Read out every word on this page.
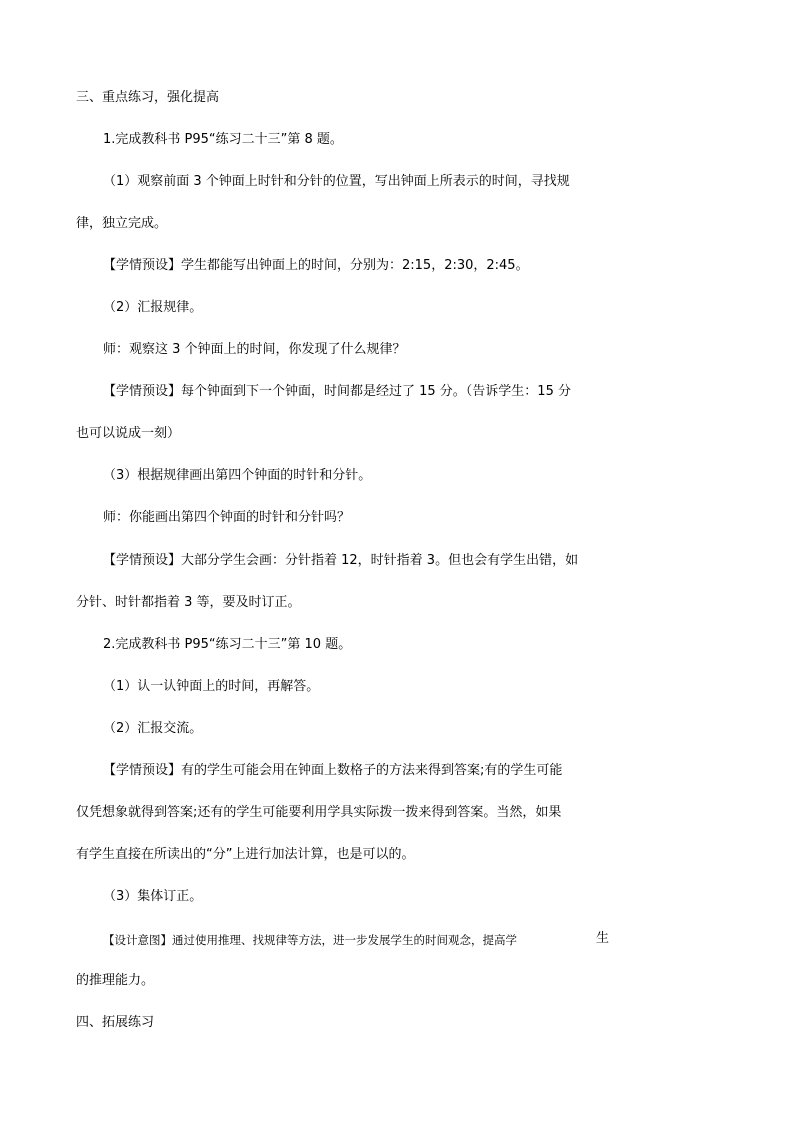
三、重点练习，强化提高
1.完成教科书 P95“练习二十三”第 8 题。
（1）观察前面 3 个钟面上时针和分针的位置，写出钟面上所表示的时间，寻找规
律，独立完成。
【学情预设】学生都能写出钟面上的时间，分别为：2:15，2:30，2:45。
（2）汇报规律。
师：观察这 3 个钟面上的时间，你发现了什么规律？
【学情预设】每个钟面到下一个钟面，时间都是经过了 15 分。（告诉学生：15 分
也可以说成一刻）
（3）根据规律画出第四个钟面的时针和分针。
师：你能画出第四个钟面的时针和分针吗？
【学情预设】大部分学生会画：分针指着 12，时针指着 3。但也会有学生出错，如
分针、时针都指着 3 等，要及时订正。
2.完成教科书 P95“练习二十三”第 10 题。
（1）认一认钟面上的时间，再解答。
（2）汇报交流。
【学情预设】有的学生可能会用在钟面上数格子的方法来得到答案;有的学生可能
仅凭想象就得到答案;还有的学生可能要利用学具实际拨一拨来得到答案。当然，如果
有学生直接在所读出的“分”上进行加法计算，也是可以的。
（3）集体订正。
【设计意图】通过使用推理、找规律等方法，进一步发展学生的时间观念，提高学	生
的推理能力。
四、拓展练习
